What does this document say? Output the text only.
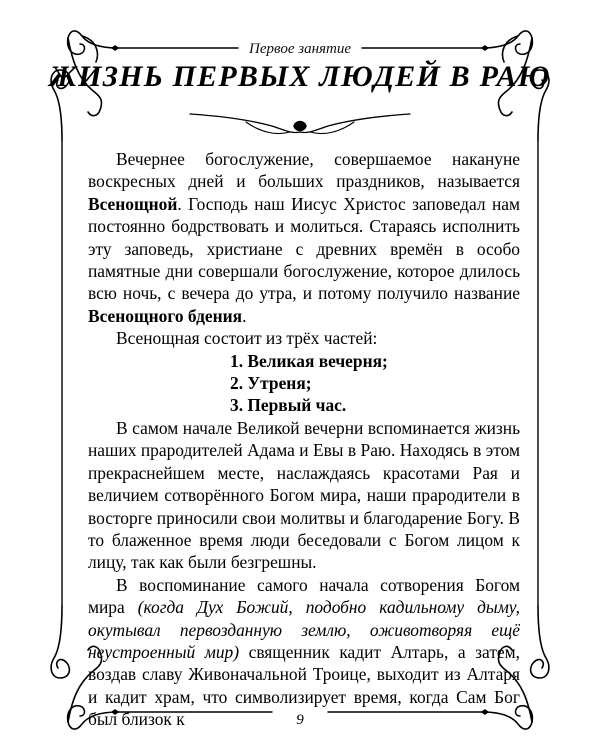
Первое занятие
ЖИЗНЬ ПЕРВЫХ ЛЮДЕЙ В РАЮ

Вечернее богослужение, совершаемое накануне воскресных дней и больших праздников, называется Всенощной. Господь наш Иисус Христос заповедал нам постоянно бодрствовать и молиться. Стараясь исполнить эту заповедь, христиане с древних времён в особо памятные дни совершали богослужение, которое длилось всю ночь, с вечера до утра, и потому получило название Всенощного бдения.

Всенощная состоит из трёх частей:

1. Великая вечерня;
2. Утреня;
3. Первый час.

В самом начале Великой вечерни вспоминается жизнь наших прародителей Адама и Евы в Раю. Находясь в этом прекраснейшем месте, наслаждаясь красотами Рая и величием сотворённого Богом мира, наши прародители в восторге приносили свои молитвы и благодарение Богу. В то блаженное время люди беседовали с Богом лицом к лицу, так как были безгрешны.

В воспоминание самого начала сотворения Богом мира (когда Дух Божий, подобно кадильному дыму, окутывал первозданную землю, оживотворяя ещё неустроенный мир) священник кадит Алтарь, а затем, воздав славу Живоначальной Троице, выходит из Алтаря и кадит храм, что символизирует время, когда Сам Бог был близок к	9
